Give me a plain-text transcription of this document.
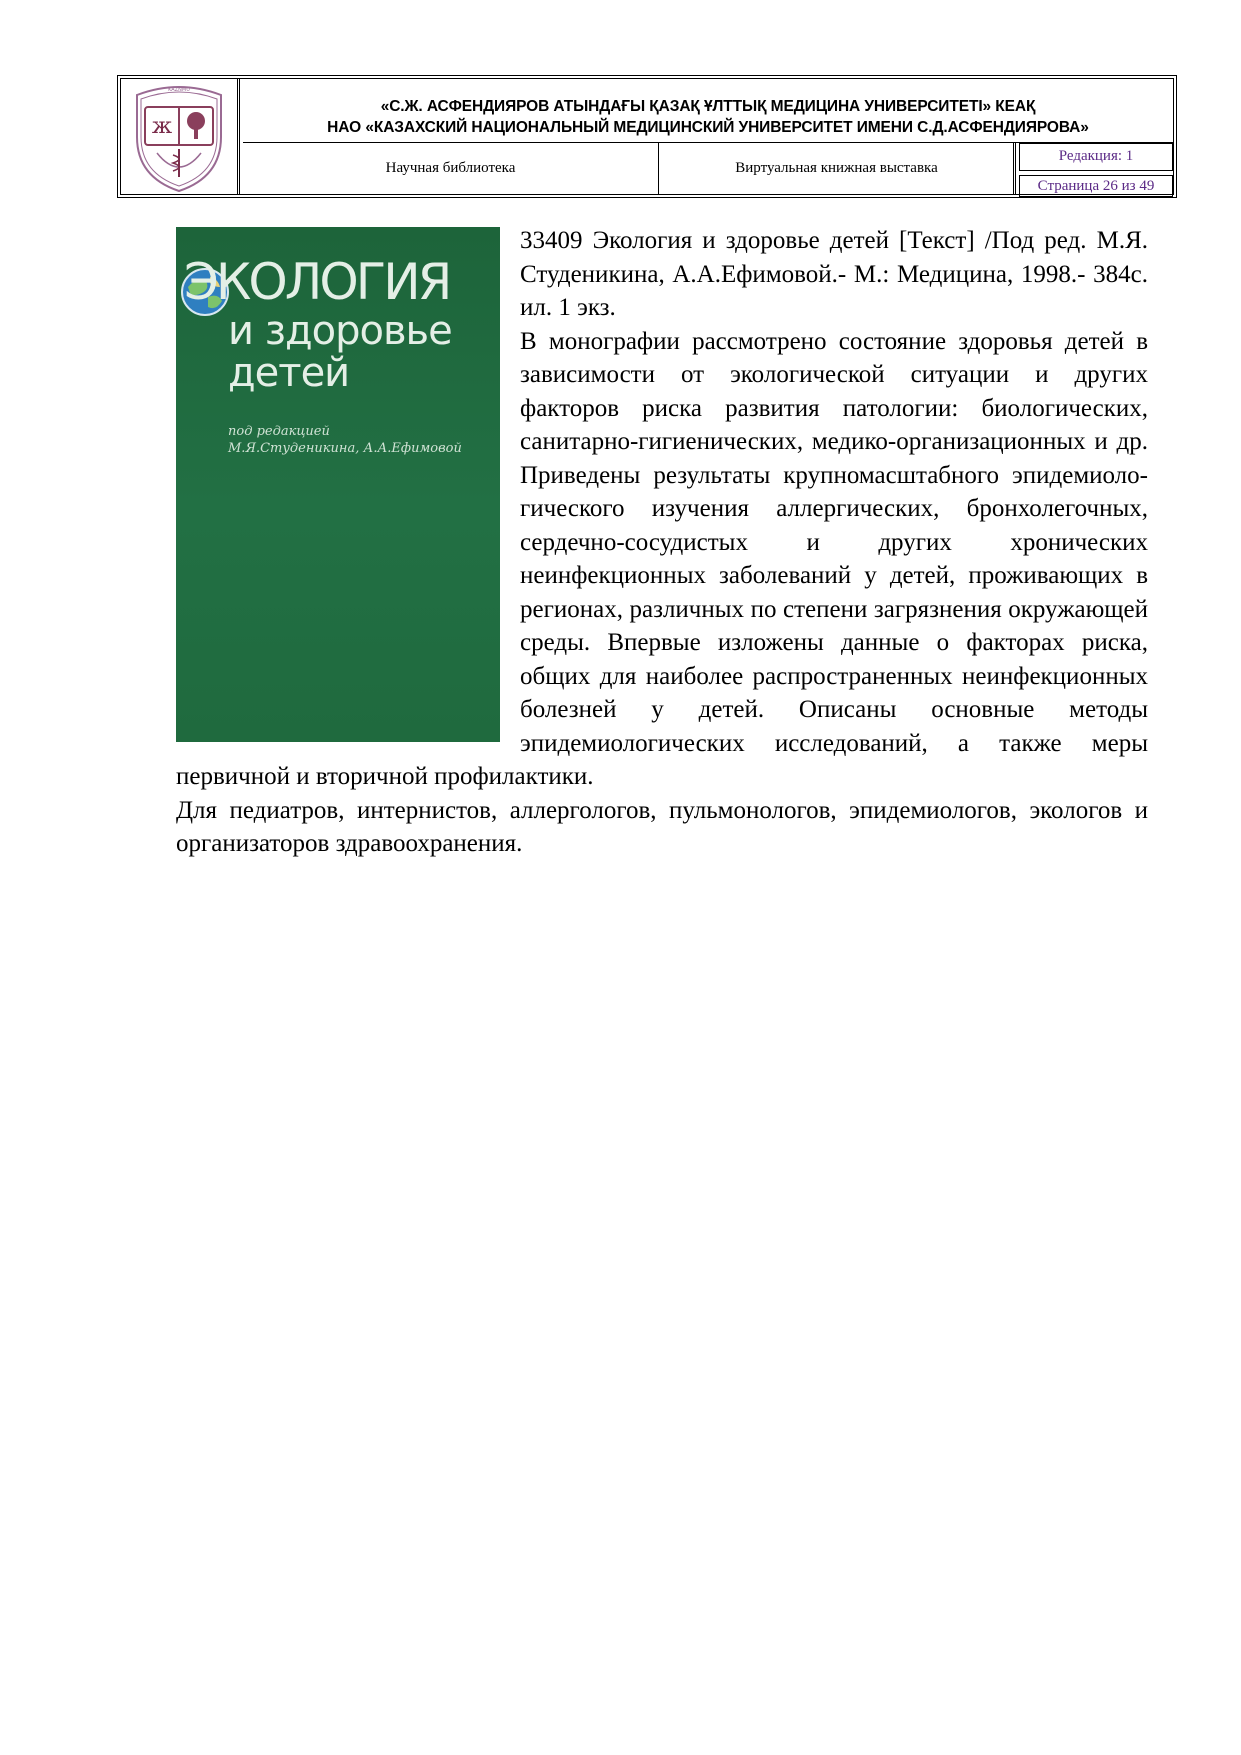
ж
KAZNMU
«С.Ж. АСФЕНДИЯРОВ АТЫНДАҒЫ ҚАЗАҚ ҰЛТТЫҚ МЕДИЦИНА УНИВЕРСИТЕТІ» КЕАҚ
НАО «КАЗАХСКИЙ НАЦИОНАЛЬНЫЙ МЕДИЦИНСКИЙ УНИВЕРСИТЕТ ИМЕНИ С.Д.АСФЕНДИЯРОВА»
Научная библиотека	Виртуальная книжная выставка
Редакция: 1
Страница 26 из 49
ЭКОЛОГИЯ
и здоровье
детей
под редакцией
М.Я.Студеникина, А.А.Ефимовой

33409 Экология и здоровье детей [Текст] /Под ред. М.Я. Студеникина, А.А.Ефимовой.- М.: Медицина, 1998.- 384с. ил. 1 экз.

В монографии рассмотрено состояние здоровья детей в зависимости от экологической ситуации и других факторов риска развития патологии: биологических, санитарно-гигиенических, медико-организационных и др. Приведены результаты крупномасштабного эпидемиоло-гического изучения аллергических, бронхолегочных, сердечно-сосудистых и других хронических неинфекционных заболеваний у детей, проживающих в регионах, различных по степени загрязнения окружающей среды. Впервые изложены данные о факторах риска, общих для наиболее распространенных неинфекционных болезней у детей. Описаны основные методы эпидемиологических исследований, а также меры первичной и вторичной профилактики.

Для педиатров, интернистов, аллергологов, пульмонологов, эпидемиологов, экологов и организаторов здравоохранения.
